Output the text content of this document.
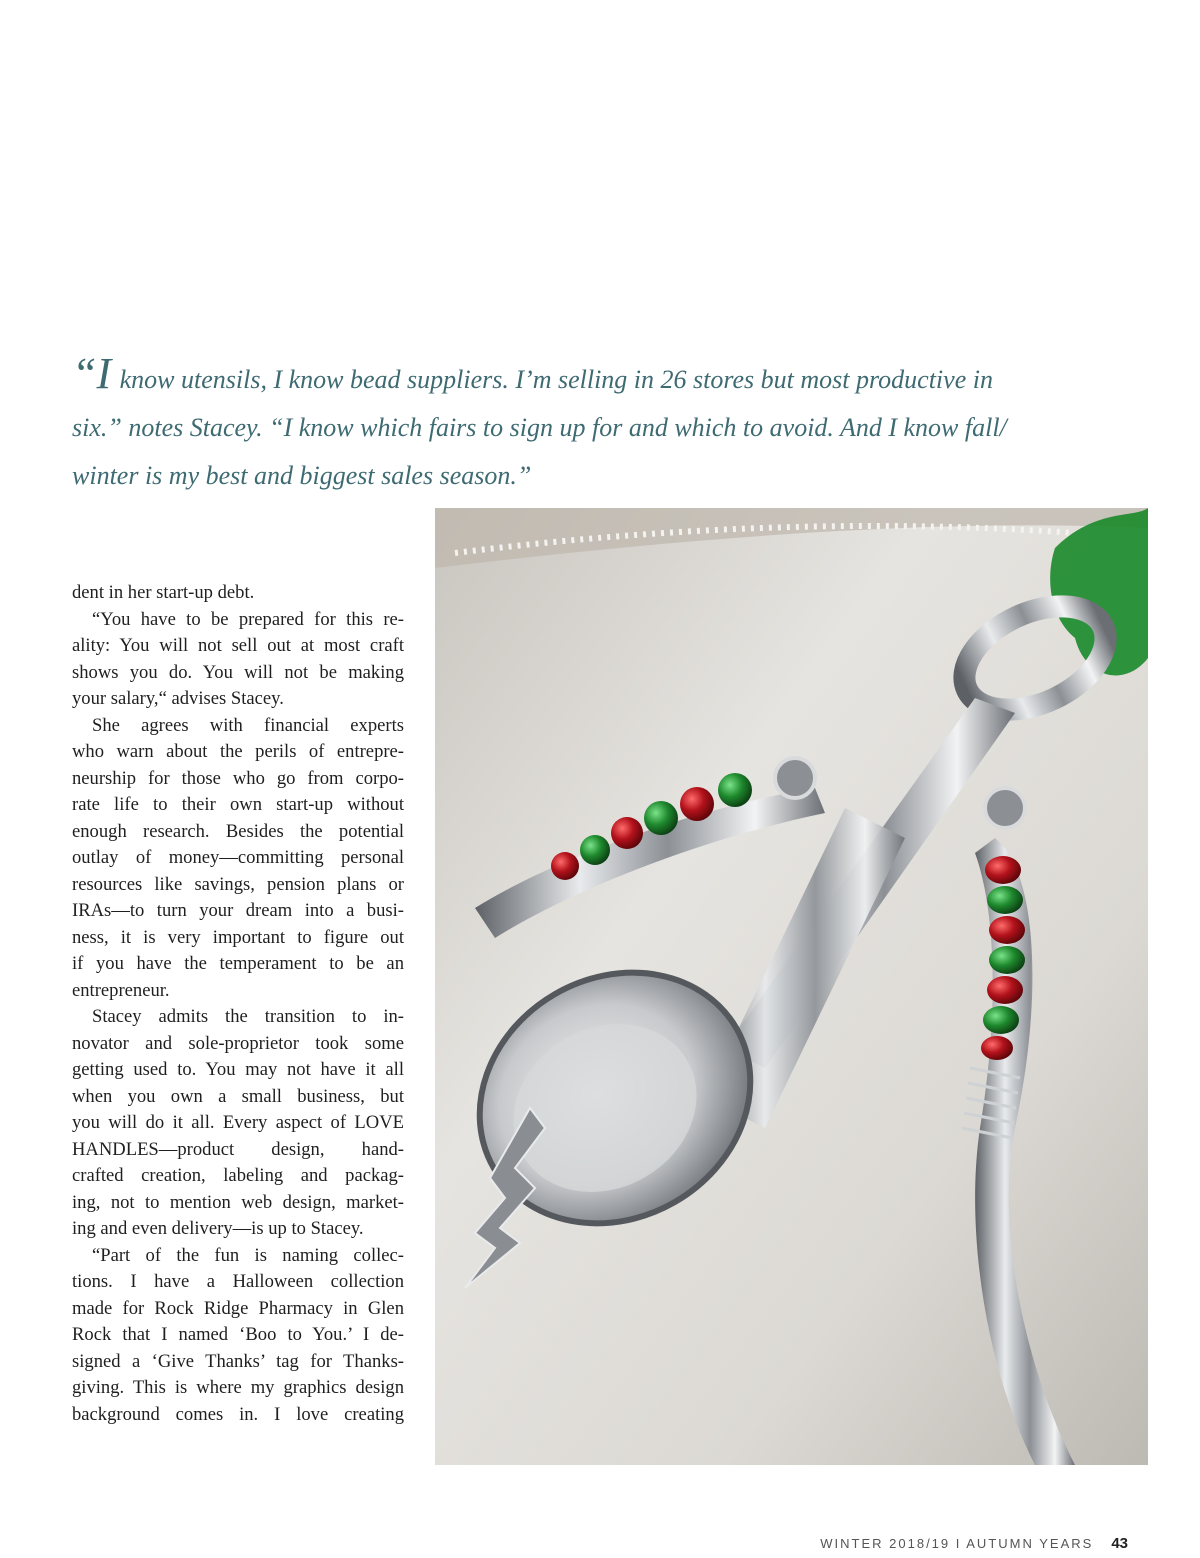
“I know utensils, I know bead suppliers. I’m selling in 26 stores but most productive in
six.” notes Stacey. “I know which fairs to sign up for and which to avoid. And I know fall/
winter is my best and biggest sales season.”
dent in her start-up debt.
“You have to be prepared for this re-
ality: You will not sell out at most craft
shows you do. You will not be making
your salary,“ advises Stacey.
She agrees with financial experts
who warn about the perils of entrepre-
neurship for those who go from corpo-
rate life to their own start-up without
enough research. Besides the potential
outlay of money—committing personal
resources like savings, pension plans or
IRAs—to turn your dream into a busi-
ness, it is very important to figure out
if you have the temperament to be an
entrepreneur.
Stacey admits the transition to in-
novator and sole-proprietor took some
getting used to. You may not have it all
when you own a small business, but
you will do it all. Every aspect of LOVE
HANDLES—product design, hand-
crafted creation, labeling and packag-
ing, not to mention web design, market-
ing and even delivery—is up to Stacey.
“Part of the fun is naming collec-
tions. I have a Halloween collection
made for Rock Ridge Pharmacy in Glen
Rock that I named ‘Boo to You.’ I de-
signed a ‘Give Thanks’ tag for Thanks-
giving. This is where my graphics design
background comes in. I love creating
WINTER 2018/19 I AUTUMN YEARS 43
